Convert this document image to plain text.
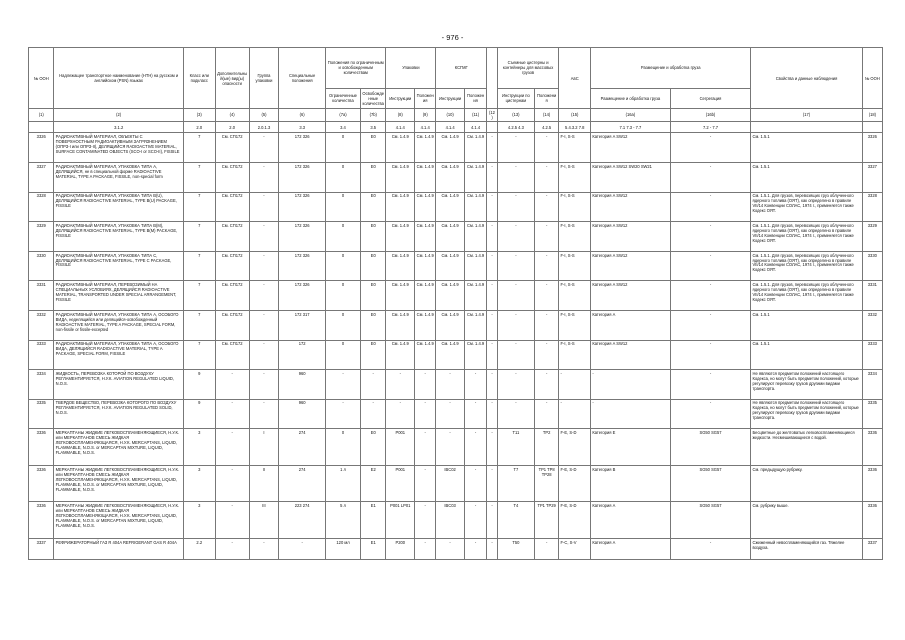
- 976 -
№ ООН	Надлежащее транспортное наименование (НТН) на русском и английском (PSN) языках	Класс или подкласс	Дополнительный(ые) вид(ы) опасности	Группа упаковки	Специальные положения	Положения по ограниченным и освобожденным количествам		Упаковки		КСГМГ			Съемные цистерны и контейнеры для массовых грузов		АвС	Размещение и обработка груза		Свойства и данные наблюдения	№ ООН
						Ограниченные количества	Освобожденные количества	Инструкции	Положения	Инструкции	Положения		Инструкции по цистернам	Положения		Размещение и обработка груза	Сегрегация		
(1)	(2)	(3)	(4)	(5)	(6)	(7a)	(7b)	(8)	(9)	(10)	(11)	(12)	(13)	(14)	(15)	(16a)	(16b)	(17)	(18)
	3.1.2	2.0	2.0	2.0.1.3	3.3	3.4	3.5	4.1.4	4.1.4	4.1.4	4.1.4		4.2.5 4.3	4.2.5	5.4.3.2 7.8	7.1 7.3 - 7.7	7.2 - 7.7		
3326	РАДИОАКТИВНЫЙ МАТЕРИАЛ, ОБЪЕКТЫ С ПОВЕРХНОСТНЫМ РАДИОАКТИВНЫМ ЗАГРЯЗНЕНИЕМ (ОПРЗ-I или ОПРЗ-II), ДЕЛЯЩИЙСЯ RADIOACTIVE MATERIAL, SURFACE CONTAMINATED OBJECTS (SCO-I or SCO-II), FISSILE	7	См. СП172	-	172 326	0	E0	См. 1.4.9	См. 1.4.9	См. 1.4.9	См. 1.4.9	-	-	-	F-I, S-S	Категория A SW12	-	См. 1.5.1	3326
3327	РАДИОАКТИВНЫЙ МАТЕРИАЛ, УПАКОВКА ТИПА А, ДЕЛЯЩИЙСЯ, не в специальной форме RADIOACTIVE MATERIAL, TYPE A PACKAGE, FISSILE, non-special form	7	См. СП172	-	172 326	0	E0	См. 1.4.9	См. 1.4.9	См. 1.4.9	См. 1.4.9	-	-	-	F-I, S-S	Категория A SW12 SW20 SW21	-	См. 1.5.1	3327
3328	РАДИОАКТИВНЫЙ МАТЕРИАЛ, УПАКОВКА ТИПА B(U), ДЕЛЯЩИЙСЯ RADIOACTIVE MATERIAL, TYPE B(U) PACKAGE, FISSILE	7	См. СП172	-	172 326	0	E0	См. 1.4.9	См. 1.4.9	См. 1.4.9	См. 1.4.9	-	-	-	F-I, S-S	Категория A SW12	-	См. 1.5.1. Для грузов, перевозящих груз облученного ядерного топлива (ОЯТ), как определено в правиле VII/14 Конвенции СОЛАС, 1974 г., применяется также Кодекс ОЯТ.	3328
3329	РАДИОАКТИВНЫЙ МАТЕРИАЛ, УПАКОВКА ТИПА B(M), ДЕЛЯЩИЙСЯ RADIOACTIVE MATERIAL, TYPE B(M) PACKAGE, FISSILE	7	См. СП172	-	172 326	0	E0	См. 1.4.9	См. 1.4.9	См. 1.4.9	См. 1.4.9	-	-	-	F-I, S-S	Категория A SW12	-	См. 1.5.1. Для грузов, перевозящих груз облученного ядерного топлива (ОЯТ), как определено в правиле VII/14 Конвенции СОЛАС, 1974 г., применяется также Кодекс ОЯТ.	3329
3330	РАДИОАКТИВНЫЙ МАТЕРИАЛ, УПАКОВКА ТИПА С, ДЕЛЯЩИЙСЯ RADIOACTIVE MATERIAL, TYPE C PACKAGE, FISSILE	7	См. СП172	-	172 326	0	E0	См. 1.4.9	См. 1.4.9	См. 1.4.9	См. 1.4.9	-	-	-	F-I, S-S	Категория A SW12	-	См. 1.5.1. Для грузов, перевозящих груз облученного ядерного топлива (ОЯТ), как определено в правиле VII/14 Конвенции СОЛАС, 1974 г., применяется также Кодекс ОЯТ.	3330
3331	РАДИОАКТИВНЫЙ МАТЕРИАЛ, ПЕРЕВОЗИМЫЙ НА СПЕЦИАЛЬНЫХ УСЛОВИЯХ, ДЕЛЯЩИЙСЯ RADIOACTIVE MATERIAL, TRANSPORTED UNDER SPECIAL ARRANGEMENT, FISSILE	7	См. СП172	-	172 326	0	E0	См. 1.4.9	См. 1.4.9	См. 1.4.9	См. 1.4.9	-	-	-	F-I, S-S	Категория A SW12	-	См. 1.5.1. Для грузов, перевозящих груз облученного ядерного топлива (ОЯТ), как определено в правиле VII/14 Конвенции СОЛАС, 1974 г., применяется также Кодекс ОЯТ.	3331
3332	РАДИОАКТИВНЫЙ МАТЕРИАЛ, УПАКОВКА ТИПА А, ОСОБОГО ВИДА, неделящийся или делящийся-освобожденный RADIOACTIVE MATERIAL, TYPE A PACKAGE, SPECIAL FORM, non-fissile or fissile-excepted	7	См. СП172	-	172 317	0	E0	См. 1.4.9	См. 1.4.9	См. 1.4.9	См. 1.4.9	-	-	-	F-I, S-S	Категория A	-	См. 1.5.1	3332
3333	РАДИОАКТИВНЫЙ МАТЕРИАЛ, УПАКОВКА ТИПА А, ОСОБОГО ВИДА, ДЕЛЯЩИЙСЯ RADIOACTIVE MATERIAL, TYPE A PACKAGE, SPECIAL FORM, FISSILE	7	См. СП172	-	172	0	E0	См. 1.4.9	См. 1.4.9	См. 1.4.9	См. 1.4.9	-	-	-	F-I, S-S	Категория A SW12	-	См. 1.5.1	3333
3334	ЖИДКОСТЬ, ПЕРЕВОЗКА КОТОРОЙ ПО ВОЗДУХУ РЕГЛАМЕНТИРУЕТСЯ, Н.У.К. AVIATION REGULATED LIQUID, N.O.S.	9	-	-	960	-	-	-	-	-	-	-	-	-	-	-	-	Не являются предметом положений настоящего Кодекса, но могут быть предметом положений, которые регулируют перевозку грузов другими видами транспорта.	3334
3335	ТВЕРДОЕ ВЕЩЕСТВО, ПЕРЕВОЗКА КОТОРОГО ПО ВОЗДУХУ РЕГЛАМЕНТИРУЕТСЯ, Н.У.К. AVIATION REGULATED SOLID, N.O.S.	9	-	-	960	-	-	-	-	-	-	-	-	-	-	-	-	Не являются предметом положений настоящего Кодекса, но могут быть предметом положений, которые регулируют перевозку грузов другими видами транспорта.	3335
3336	МЕРКАПТАНЫ ЖИДКИЕ ЛЕГКОВОСПЛАМЕНЯЮЩИЕСЯ, Н.У.К. или МЕРКАПТАНОВ СМЕСЬ ЖИДКАЯ ЛЕГКОВОСПЛАМЕНЯЮЩАЯСЯ, Н.У.К. MERCAPTANS, LIQUID, FLAMMABLE, N.O.S. or MERCAPTAN MIXTURE, LIQUID, FLAMMABLE, N.O.S.	3	-	I	274	0	E0	P001	-	-	-	-	T11	TP2	F-E, S-D	Категория E	SG50 SG57	Бесцветные до желтоватых легковоспламеняющиеся жидкости. Несмешивающиеся с водой.	3336
3336	МЕРКАПТАНЫ ЖИДКИЕ ЛЕГКОВОСПЛАМЕНЯЮЩИЕСЯ, Н.У.К. или МЕРКАПТАНОВ СМЕСЬ ЖИДКАЯ ЛЕГКОВОСПЛАМЕНЯЮЩАЯСЯ, Н.У.К. MERCAPTANS, LIQUID, FLAMMABLE, N.O.S. or MERCAPTAN MIXTURE, LIQUID, FLAMMABLE, N.O.S.	3	-	II	274	1 л	E2	P001	-	IBC02	-	-	T7	TP1 TP8 TP28	F-E, S-D	Категория B	SG50 SG57	См. предыдущую рубрику.	3336
3336	МЕРКАПТАНЫ ЖИДКИЕ ЛЕГКОВОСПЛАМЕНЯЮЩИЕСЯ, Н.У.К. или МЕРКАПТАНОВ СМЕСЬ ЖИДКАЯ ЛЕГКОВОСПЛАМЕНЯЮЩАЯСЯ, Н.У.К. MERCAPTANS, LIQUID, FLAMMABLE, N.O.S. or MERCAPTAN MIXTURE, LIQUID, FLAMMABLE, N.O.S.	3	-	III	223 274	5 л	E1	P001 LP01	-	IBC03	-	-	T4	TP1 TP29	F-E, S-D	Категория A	SG50 SG57	См. рубрику выше.	3336
3337	РЕФРИЖЕРАТОРНЫЙ ГАЗ R 404A REFRIGERANT GAS R 404A	2.2	-	-	-	120 мл	E1	P200	-	-	-	-	T50	-	F-C, S-V	Категория A	-	Сжиженный невоспламеняющийся газ. Тяжелее воздуха.	3337
